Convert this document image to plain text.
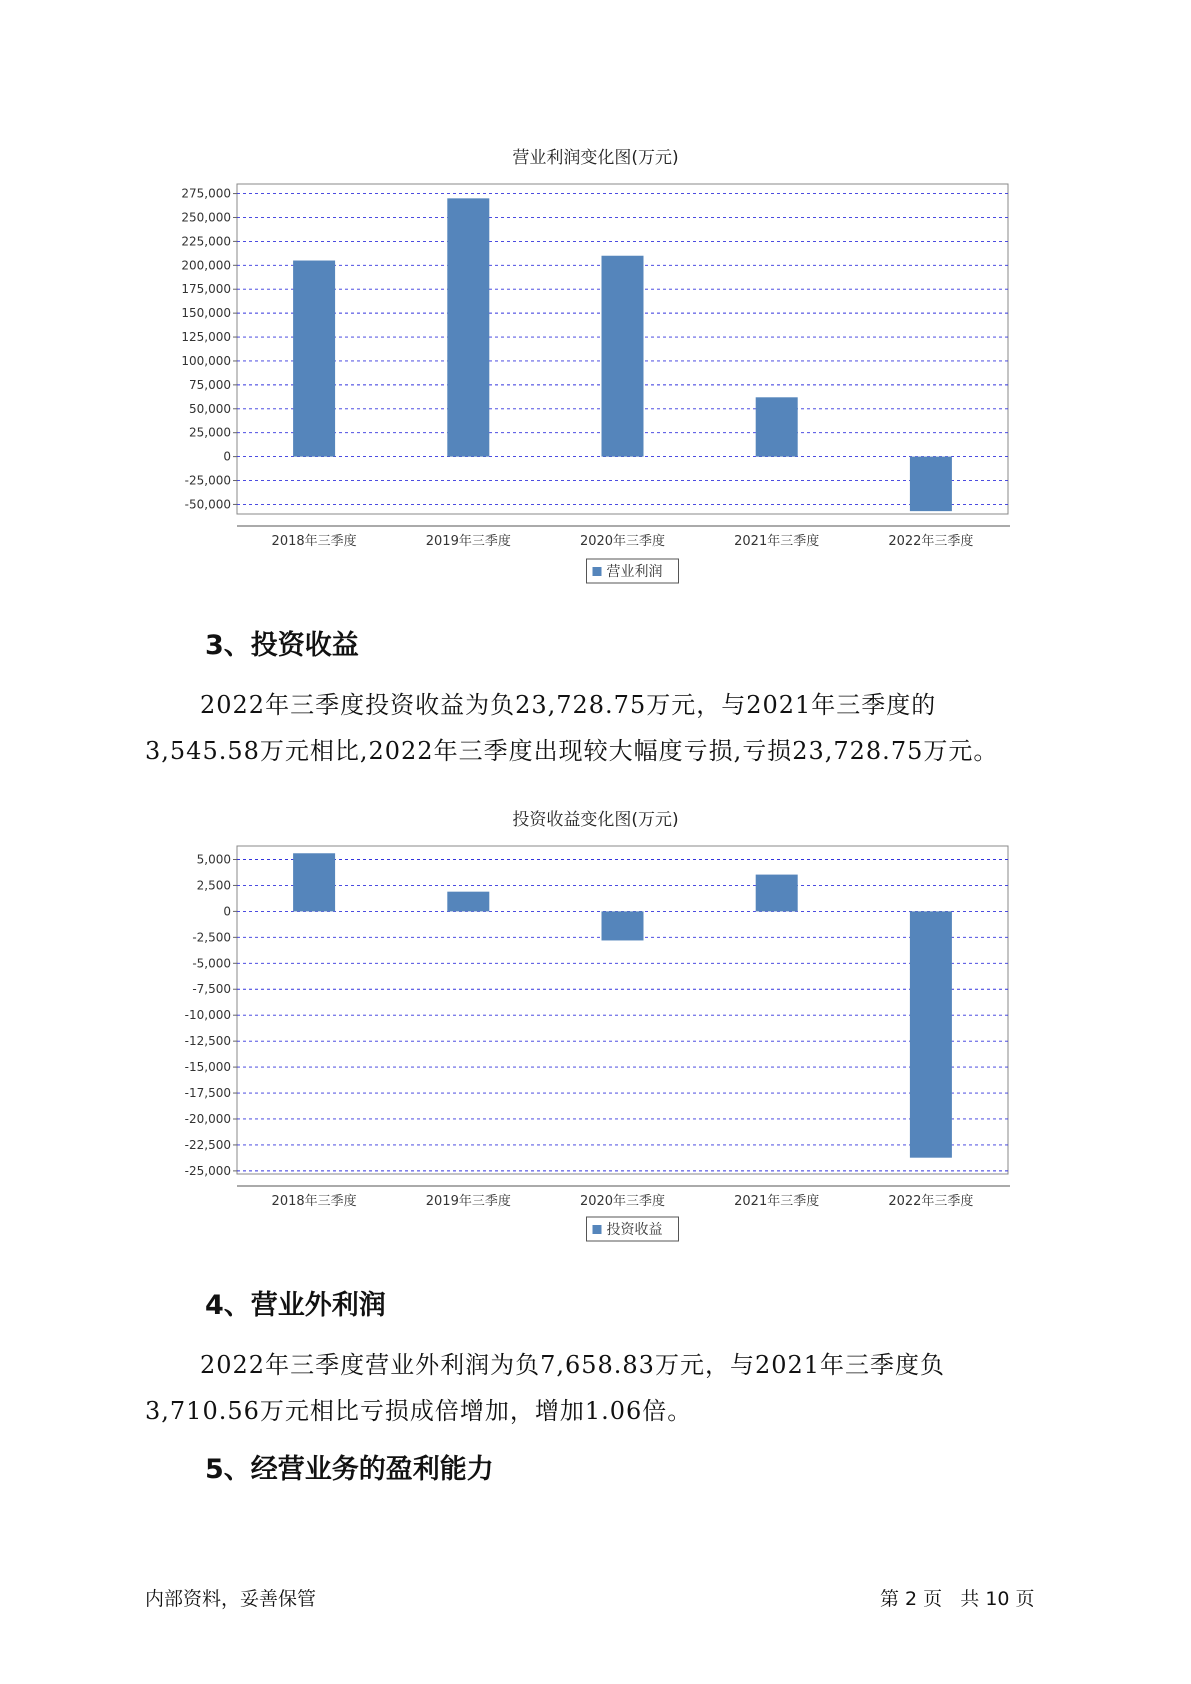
营业利润变化图(万元)
275,000
250,000
225,000
200,000
175,000
150,000
125,000
100,000
75,000
50,000
25,000
0
-25,000
-50,000
2018年三季度	2019年三季度	2020年三季度	2021年三季度	2022年三季度
营业利润
3、投资收益
2022年三季度投资收益为负23,728.75万元，与2021年三季度的
3,545.58万元相比,2022年三季度出现较大幅度亏损,亏损23,728.75万元。
投资收益变化图(万元)
5,000
2,500
0
-2,500
-5,000
-7,500
-10,000
-12,500
-15,000
-17,500
-20,000
-22,500
-25,000
2018年三季度	2019年三季度	2020年三季度	2021年三季度	2022年三季度
投资收益
4、营业外利润
2022年三季度营业外利润为负7,658.83万元，与2021年三季度负
3,710.56万元相比亏损成倍增加，增加1.06倍。
5、经营业务的盈利能力
内部资料，妥善保管	第 2 页   共 10 页
